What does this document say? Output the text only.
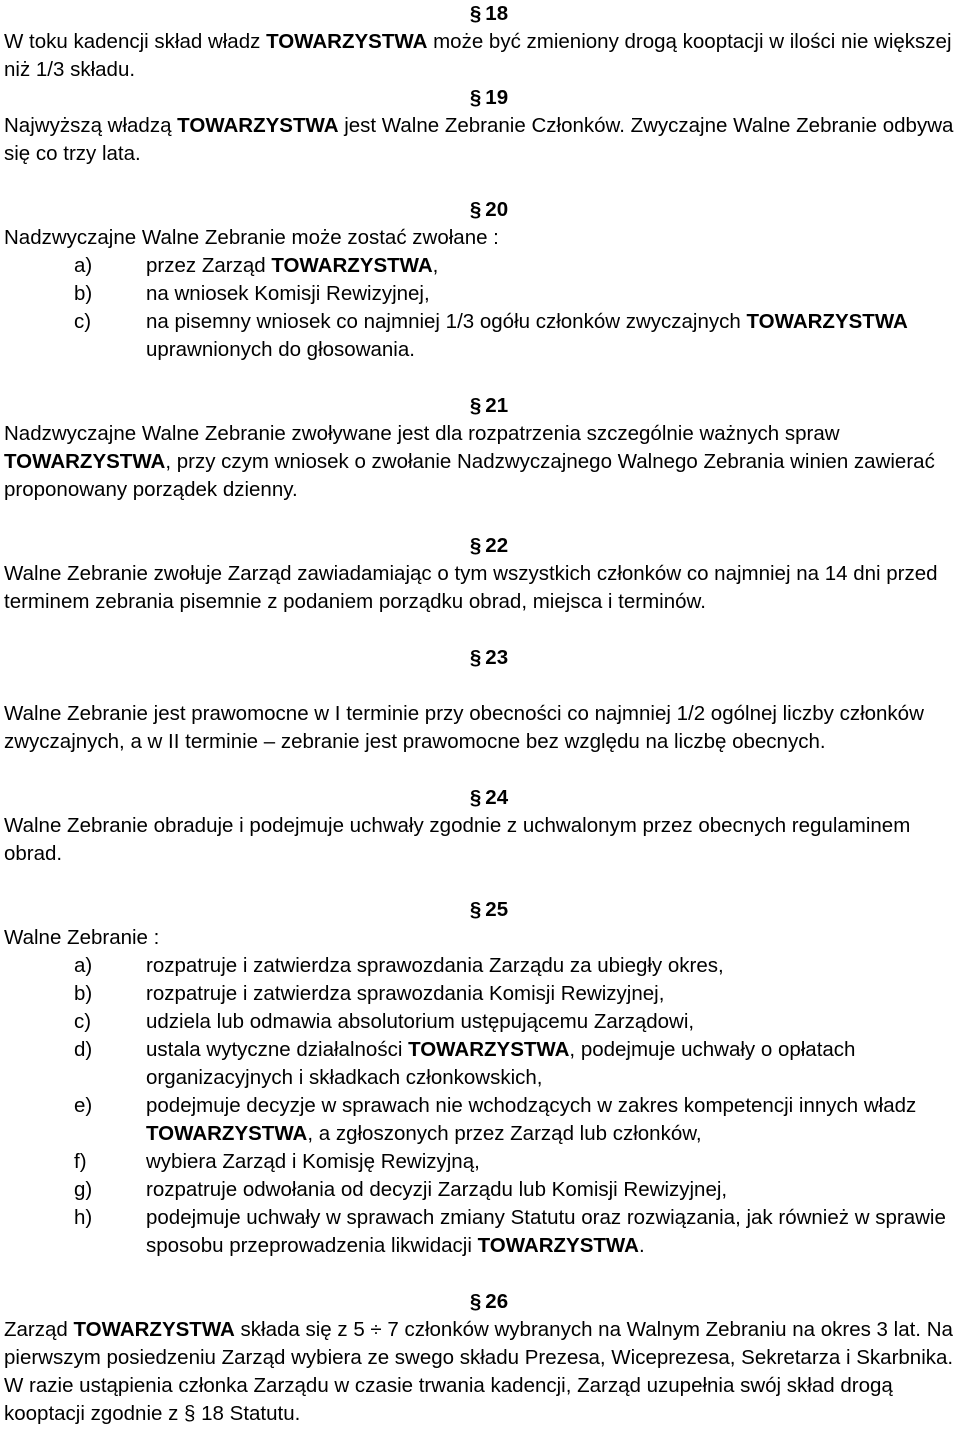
§ 18

W toku kadencji skład władz TOWARZYSTWA może być zmieniony drogą kooptacji w ilości nie większej niż 1/3 składu.

§ 19

Najwyższą władzą TOWARZYSTWA jest Walne Zebranie Członków. Zwyczajne Walne Zebranie odbywa się co trzy lata.

§ 20

Nadzwyczajne Walne Zebranie może zostać zwołane :

a)	przez Zarząd TOWARZYSTWA,
b)	na wniosek Komisji Rewizyjnej,
c)	na pisemny wniosek co najmniej 1/3 ogółu członków zwyczajnych TOWARZYSTWA uprawnionych do głosowania.
§ 21

Nadzwyczajne Walne Zebranie zwoływane jest dla rozpatrzenia szczególnie ważnych spraw TOWARZYSTWA, przy czym wniosek o zwołanie Nadzwyczajnego Walnego Zebrania winien zawierać proponowany porządek dzienny.

§ 22

Walne Zebranie zwołuje Zarząd zawiadamiając o tym wszystkich członków co najmniej na 14 dni przed terminem zebrania pisemnie z podaniem porządku obrad, miejsca i terminów.

§ 23

Walne Zebranie jest prawomocne w I terminie przy obecności co najmniej 1/2 ogólnej liczby członków zwyczajnych, a w II terminie – zebranie jest prawomocne bez względu na liczbę obecnych.

§ 24

Walne Zebranie obraduje i podejmuje uchwały zgodnie z uchwalonym przez obecnych regulaminem obrad.

§ 25

Walne Zebranie :

a)	rozpatruje i zatwierdza sprawozdania Zarządu za ubiegły okres,
b)	rozpatruje i zatwierdza sprawozdania Komisji Rewizyjnej,
c)	udziela lub odmawia absolutorium ustępującemu Zarządowi,
d)	ustala wytyczne działalności TOWARZYSTWA, podejmuje uchwały o opłatach organizacyjnych i składkach członkowskich,
e)	podejmuje decyzje w sprawach nie wchodzących w zakres kompetencji innych władz TOWARZYSTWA, a zgłoszonych przez Zarząd lub członków,
f)	wybiera Zarząd i Komisję Rewizyjną,
g)	rozpatruje odwołania od decyzji Zarządu lub Komisji Rewizyjnej,
h)	podejmuje uchwały w sprawach zmiany Statutu oraz rozwiązania, jak również w sprawie sposobu przeprowadzenia likwidacji TOWARZYSTWA.
§ 26

Zarząd TOWARZYSTWA składa się z 5 ÷ 7 członków wybranych na Walnym Zebraniu na okres 3 lat. Na pierwszym posiedzeniu Zarząd wybiera ze swego składu Prezesa, Wiceprezesa, Sekretarza i Skarbnika. W razie ustąpienia członka Zarządu w czasie trwania kadencji, Zarząd uzupełnia swój skład drogą kooptacji zgodnie z § 18 Statutu.
